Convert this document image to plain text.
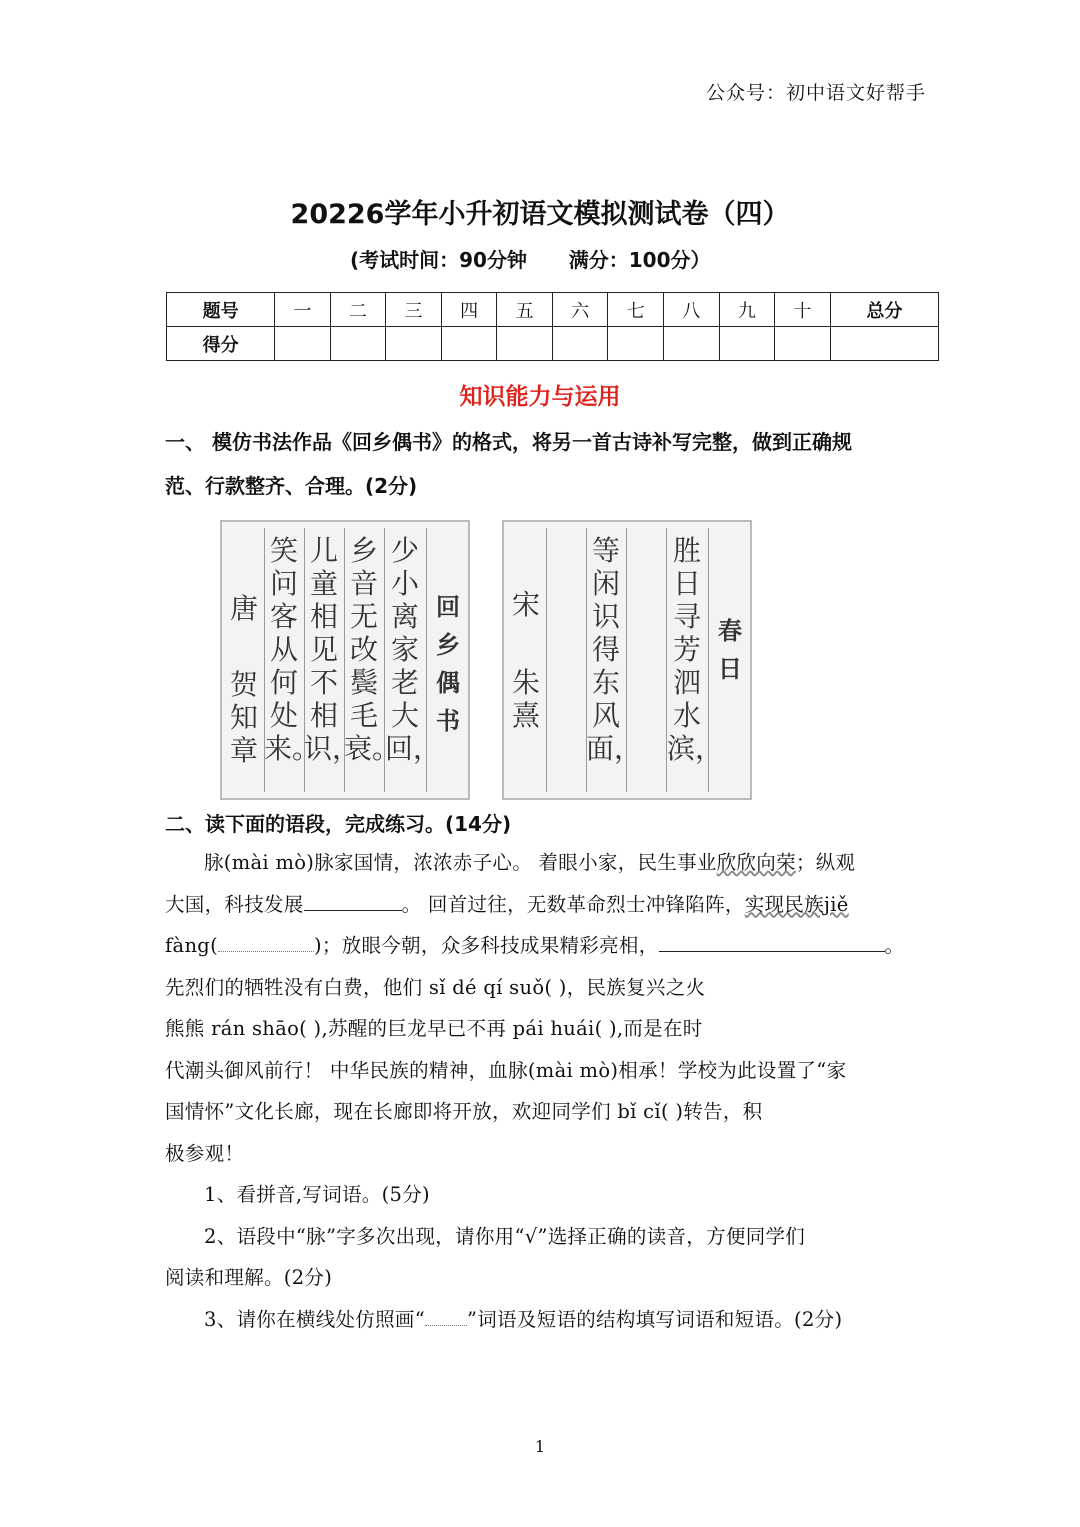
公众号：初中语文好帮手
20226学年小升初语文模拟测试卷（四）
(考试时间：90分钟      满分：100分）
题号	一	二	三	四	五	六	七	八	九	十	总分
得分											
知识能力与运用
一、 模仿书法作品《回乡偶书》的格式，将另一首古诗补写完整，做到正确规
范、行款整齐、合理。(2分)
唐
贺知章
笑问客从何处来。
儿童相见不相识，
乡音无改鬓毛衰。
少小离家老大回，
回乡偶书
宋
朱熹
等闲识得东风面，
胜日寻芳泗水滨，
春日
二、读下面的语段，完成练习。(14分)

脉(mài mò)脉家国情，浓浓赤子心。 着眼小家，民生事业欣欣向荣；纵观

大国，科技发展	。 回首过往，无数革命烈士冲锋陷阵，实现民族jiě

fàng(	)；放眼今朝，众多科技成果精彩亮相，	。

先烈们的牺牲没有白费，他们 sǐ dé qí suǒ( )，民族复兴之火

熊熊 rán shāo( ),苏醒的巨龙早已不再 pái huái( ),而是在时

代潮头御风前行！ 中华民族的精神，血脉(mài mò)相承！学校为此设置了“家

国情怀”文化长廊，现在长廊即将开放，欢迎同学们 bǐ cǐ( )转告，积

极参观！

1、看拼音,写词语。(5分)

2、语段中“脉”字多次出现，请你用“√”选择正确的读音，方便同学们

阅读和理解。(2分)

3、请你在横线处仿照画“ ”词语及短语的结构填写词语和短语。(2分)

1
